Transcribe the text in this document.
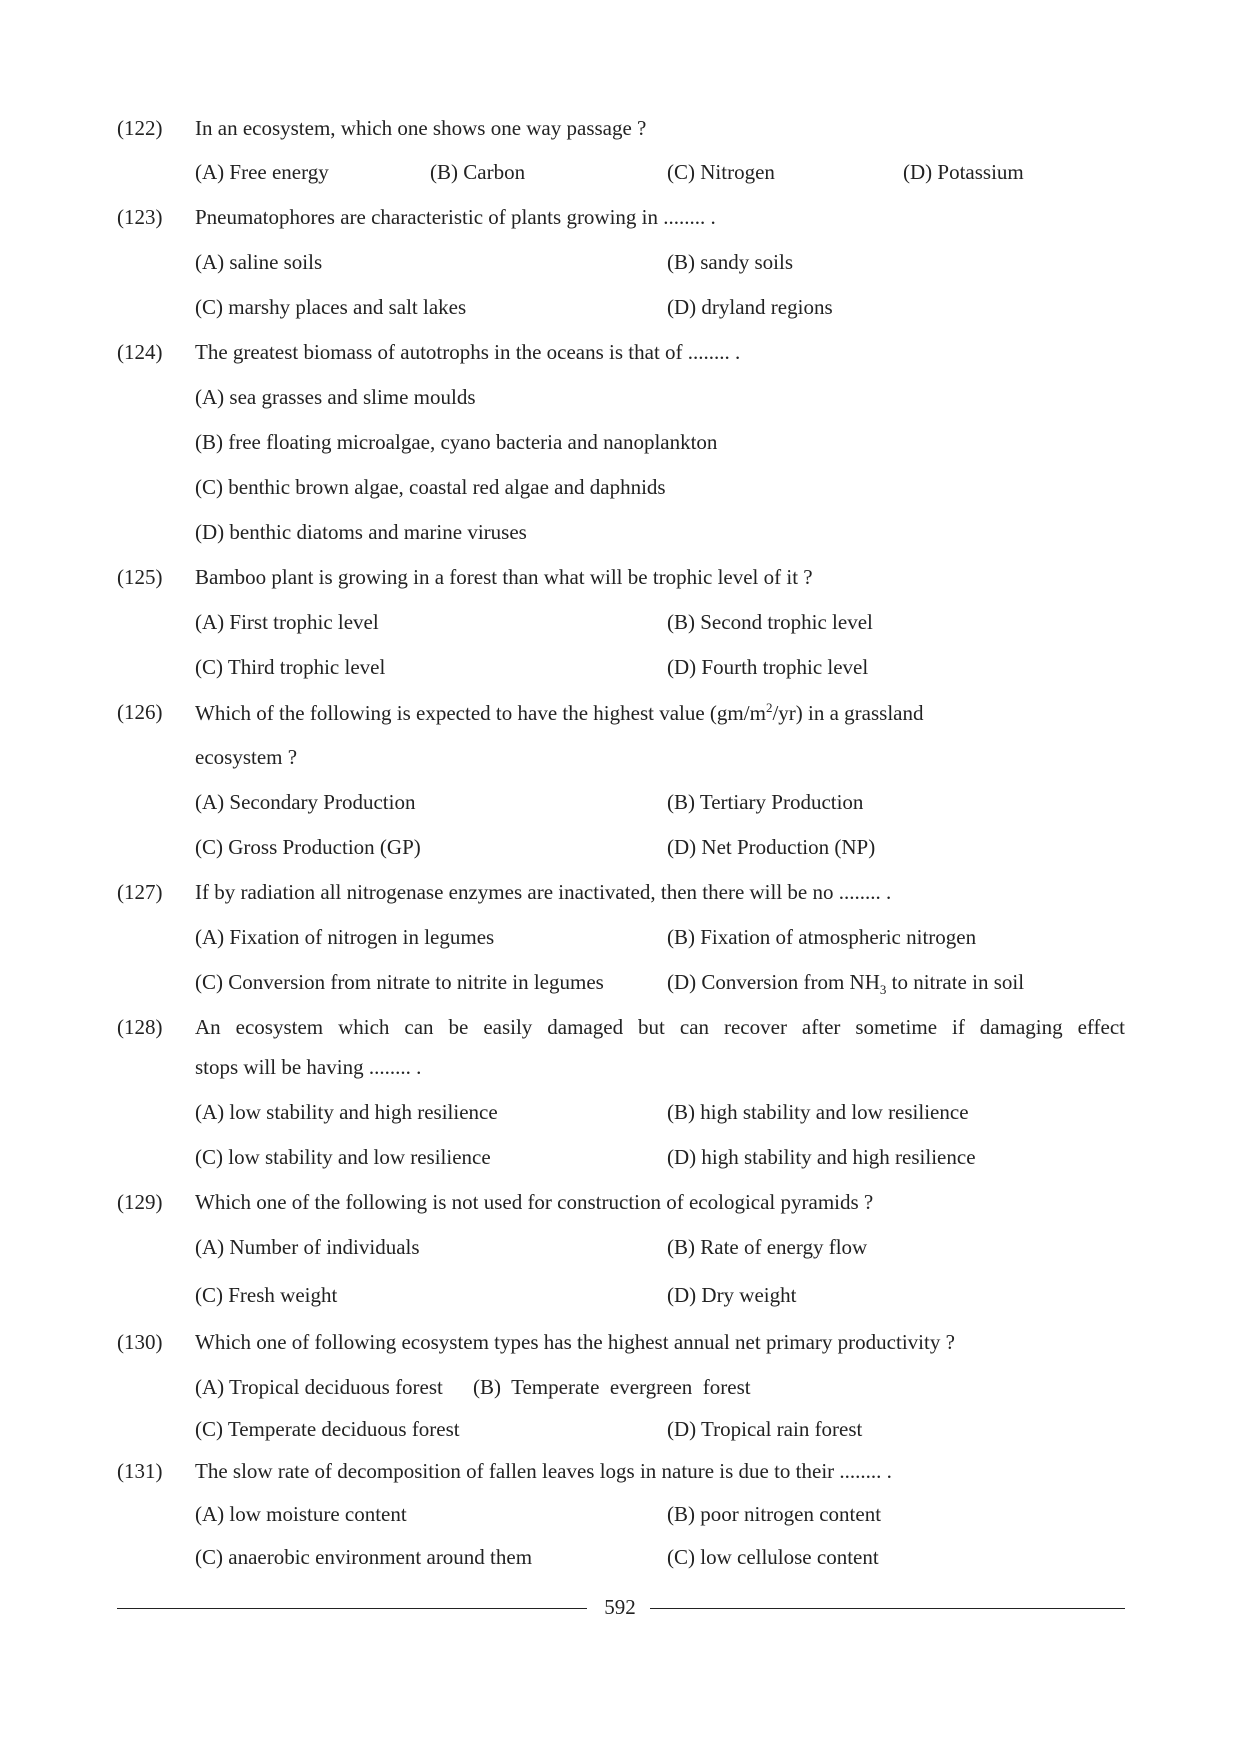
(122) In an ecosystem, which one shows one way passage ?
(A) Free energy	(B) Carbon	(C) Nitrogen	(D) Potassium
(123) Pneumatophores are characteristic of plants growing in ........ .
(A) saline soils	(B) sandy soils
(C) marshy places and salt lakes	(D) dryland regions
(124) The greatest biomass of autotrophs in the oceans is that of ........ .
(A) sea grasses and slime moulds
(B) free floating microalgae, cyano bacteria and nanoplankton
(C) benthic brown algae, coastal red algae and daphnids
(D) benthic diatoms and marine viruses
(125) Bamboo plant is growing in a forest than what will be trophic level of it ?
(A) First trophic level	(B) Second trophic level
(C) Third trophic level	(D) Fourth trophic level
(126) Which of the following is expected to have the highest value $(gm/m^2/yr)$ in a grassland
ecosystem ?
(A) Secondary Production	(B) Tertiary Production
(C) Gross Production (GP)	(D) Net Production (NP)
(127) If by radiation all nitrogenase enzymes are inactivated, then there will be no ........ .
(A) Fixation of nitrogen in legumes	(B) Fixation of atmospheric nitrogen
(C) Conversion from nitrate to nitrite in legumes	(D) Conversion from $NH_3$ to nitrate in soil
(128) An ecosystem which can be easily damaged but can recover after sometime if damaging effect
stops will be having ........ .
(A) low stability and high resilience	(B) high stability and low resilience
(C) low stability and low resilience	(D) high stability and high resilience
(129) Which one of the following is not used for construction of ecological pyramids ?
(A) Number of individuals	(B) Rate of energy flow
(C) Fresh weight	(D) Dry weight
(130) Which one of following ecosystem types has the highest annual net primary productivity ?
(A) Tropical deciduous forest (B)  Temperate  evergreen  forest
(C) Temperate deciduous forest	(D) Tropical rain forest
(131) The slow rate of decomposition of fallen leaves logs in nature is due to their ........ .
(A) low moisture content	(B) poor nitrogen content
(C) anaerobic environment around them	(C) low cellulose content
592
